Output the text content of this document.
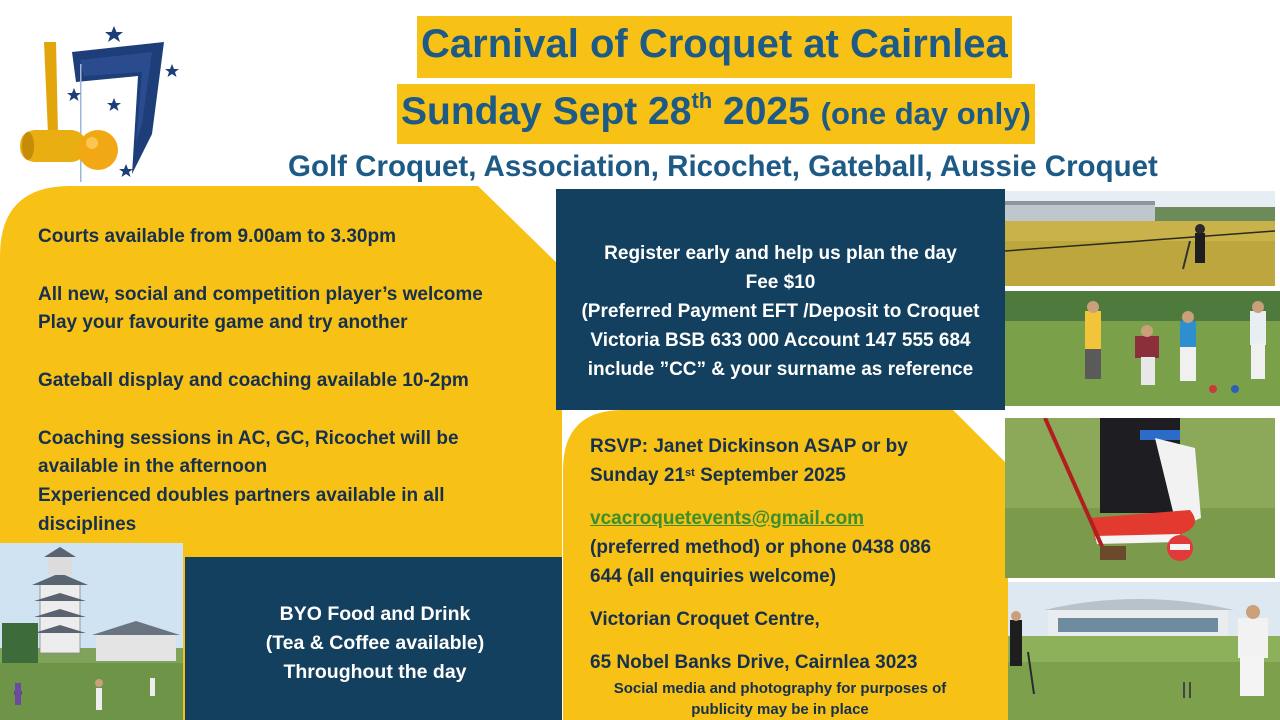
Carnival of Croquet at Cairnlea
Sunday Sept 28th 2025 (one day only)
Golf Croquet, Association, Ricochet, Gateball, Aussie Croquet

Courts available from 9.00am to 3.30pm

All new, social and competition player’s welcome
Play your favourite game and try another

Gateball display and coaching available 10-2pm

Coaching sessions in AC, GC, Ricochet will be
available in the afternoon
Experienced doubles partners available in all
disciplines

BYO Food and Drink
(Tea & Coffee available)
Throughout the day
Register early and help us plan the day
Fee $10
(Preferred Payment EFT /Deposit to Croquet
Victoria BSB 633 000 Account 147 555 684
include ”CC” & your surname as reference
RSVP: Janet Dickinson ASAP or by
Sunday 21st September 2025
vcacroquetevents@gmail.com
(preferred method) or phone 0438 086
644 (all enquiries welcome)
Victorian Croquet Centre,
65 Nobel Banks Drive, Cairnlea 3023
Social media and photography for purposes of
publicity may be in place
